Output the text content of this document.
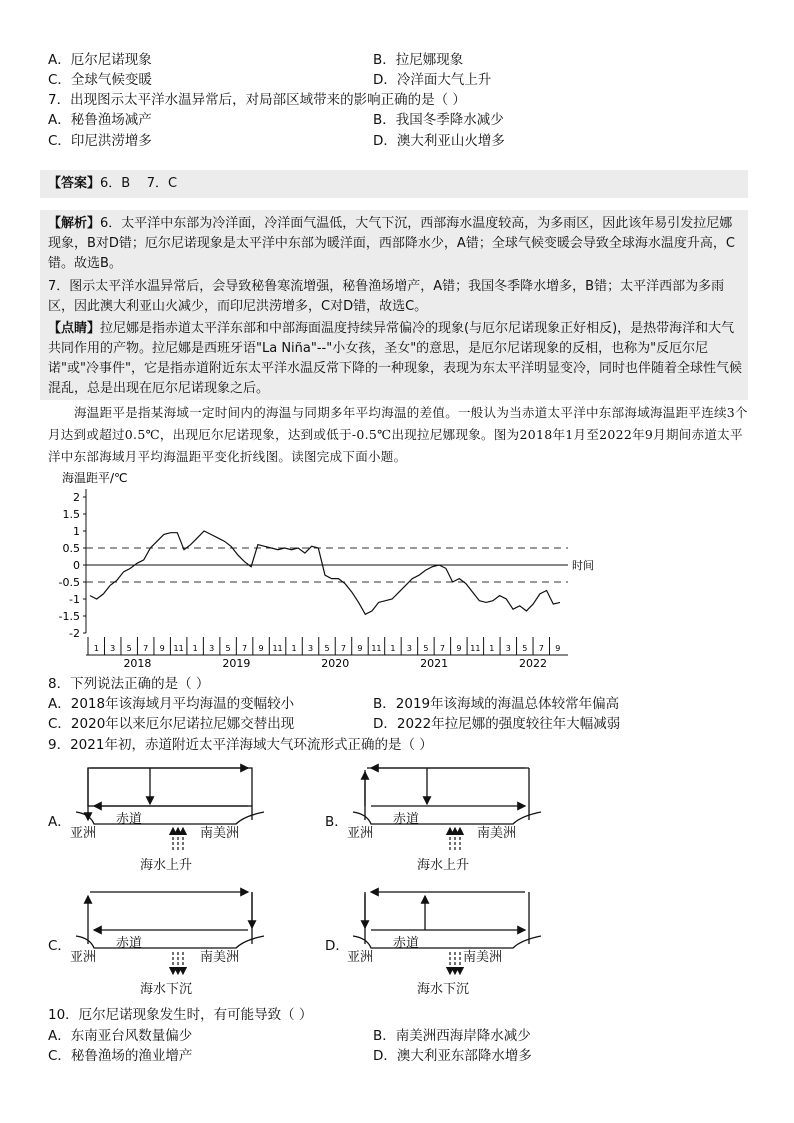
A．厄尔尼诺现象	B．拉尼娜现象
C．全球气候变暖	D．冷洋面大气上升
7．出现图示太平洋水温异常后，对局部区域带来的影响正确的是（ ）
A．秘鲁渔场减产	B．我国冬季降水减少
C．印尼洪涝增多	D．澳大利亚山火增多
【答案】6．B    7．C
【解析】6．太平洋中东部为冷洋面，冷洋面气温低，大气下沉，西部海水温度较高，为多雨区，因此该年易引发拉尼娜现象，B对D错；厄尔尼诺现象是太平洋中东部为暖洋面，西部降水少，A错；全球气候变暖会导致全球海水温度升高，C错。故选B。
7．图示太平洋水温异常后，会导致秘鲁寒流增强，秘鲁渔场增产，A错；我国冬季降水增多，B错；太平洋西部为多雨区，因此澳大利亚山火减少，而印尼洪涝增多，C对D错，故选C。
【点睛】拉尼娜是指赤道太平洋东部和中部海面温度持续异常偏冷的现象(与厄尔尼诺现象正好相反)，是热带海洋和大气共同作用的产物。拉尼娜是西班牙语"La Niña"--"小女孩，圣女"的意思，是厄尔尼诺现象的反相，也称为"反厄尔尼诺"或"冷事件"，它是指赤道附近东太平洋水温反常下降的一种现象，表现为东太平洋明显变冷，同时也伴随着全球性气候混乱，总是出现在厄尔尼诺现象之后。
海温距平是指某海域一定时间内的海温与同期多年平均海温的差值。一般认为当赤道太平洋中东部海域海温距平连续3个月达到或超过0.5℃，出现厄尔尼诺现象，达到或低于-0.5℃出现拉尼娜现象。图为2018年1月至2022年9月期间赤道太平洋中东部海域月平均海温距平变化折线图。读图完成下面小题。
海温距平/℃
2
1.5
1
0.5
0
-0.5
-1
-1.5
-2
时间
1 3 5 7 9 11 1 3 5 7 9 11 1 3 5 7 9 11 1 3 5 7 9 11 1 3 5 7 9
2018	2019	2020	2021	2022
8．下列说法正确的是（ ）
A．2018年该海域月平均海温的变幅较小	B．2019年该海域的海温总体较常年偏高
C．2020年以来厄尔尼诺拉尼娜交替出现	D．2022年拉尼娜的强度较往年大幅减弱
9．2021年初，赤道附近太平洋海域大气环流形式正确的是（ ）
A．	赤道
亚洲	南美洲
海水上升
B．	赤道
亚洲	南美洲
海水上升
C．	赤道
亚洲	南美洲
海水下沉
D．	赤道
亚洲	南美洲
海水下沉
10．厄尔尼诺现象发生时，有可能导致（ ）
A．东南亚台风数量偏少	B．南美洲西海岸降水减少
C．秘鲁渔场的渔业增产	D．澳大利亚东部降水增多
